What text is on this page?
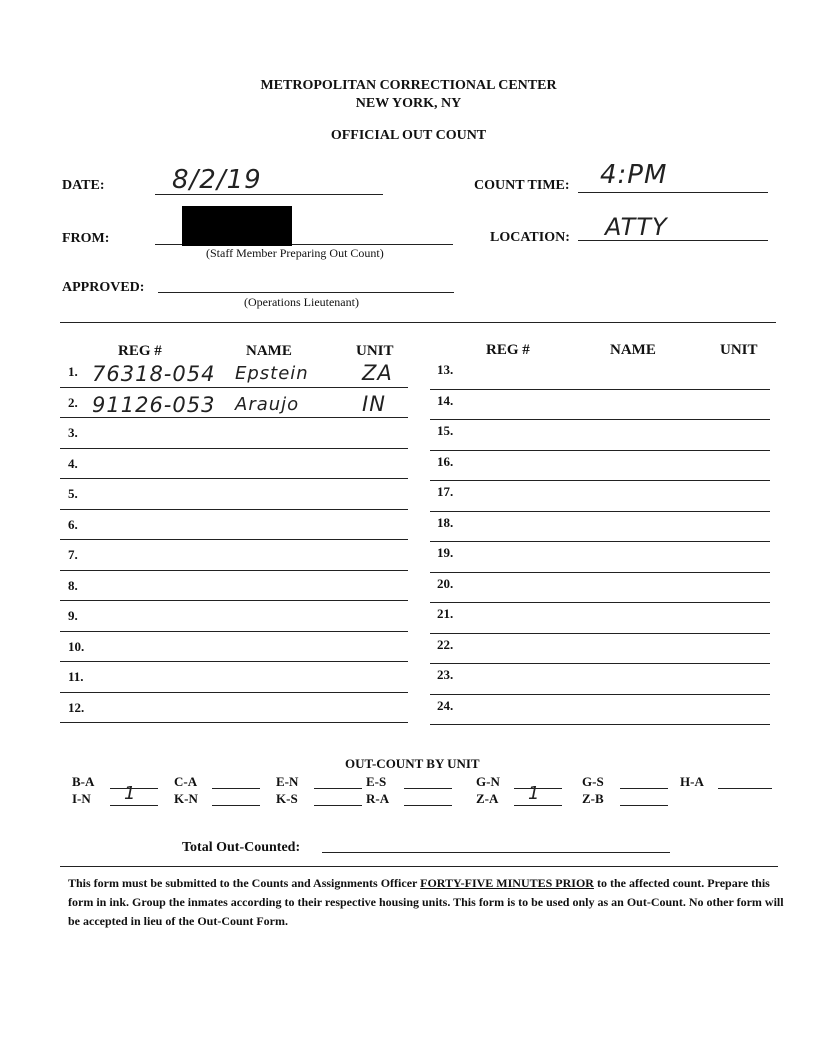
METROPOLITAN CORRECTIONAL CENTER
NEW YORK, NY
OFFICIAL OUT COUNT
DATE:	8/2/19	COUNT TIME: 4:PM
FROM:
(Staff Member Preparing Out Count)
LOCATION: ATTY
APPROVED:
(Operations Lieutenant)
REG #	NAME	UNIT	REG #	NAME	UNIT
1. 76318-054 Epstein	ZA
2. 91126-053 Araujo	IN
3.
4.
5.
6.
7.
8.
9.
10.
11.
12.
13.
14.
15.
16.
17.
18.
19.
20.
21.
22.
23.
24.
OUT-COUNT BY UNIT
B-A	C-A	E-N	E-S	G-N	G-S	H-A
I-N 1	K-N	K-S	R-A	Z-A 1	Z-B
Total Out-Counted:
This form must be submitted to the Counts and Assignments Officer FORTY-FIVE MINUTES PRIOR to the affected count. Prepare this form in ink. Group the inmates according to their respective housing units. This form is to be used only as an Out-Count. No other form will be accepted in lieu of the Out-Count Form.
